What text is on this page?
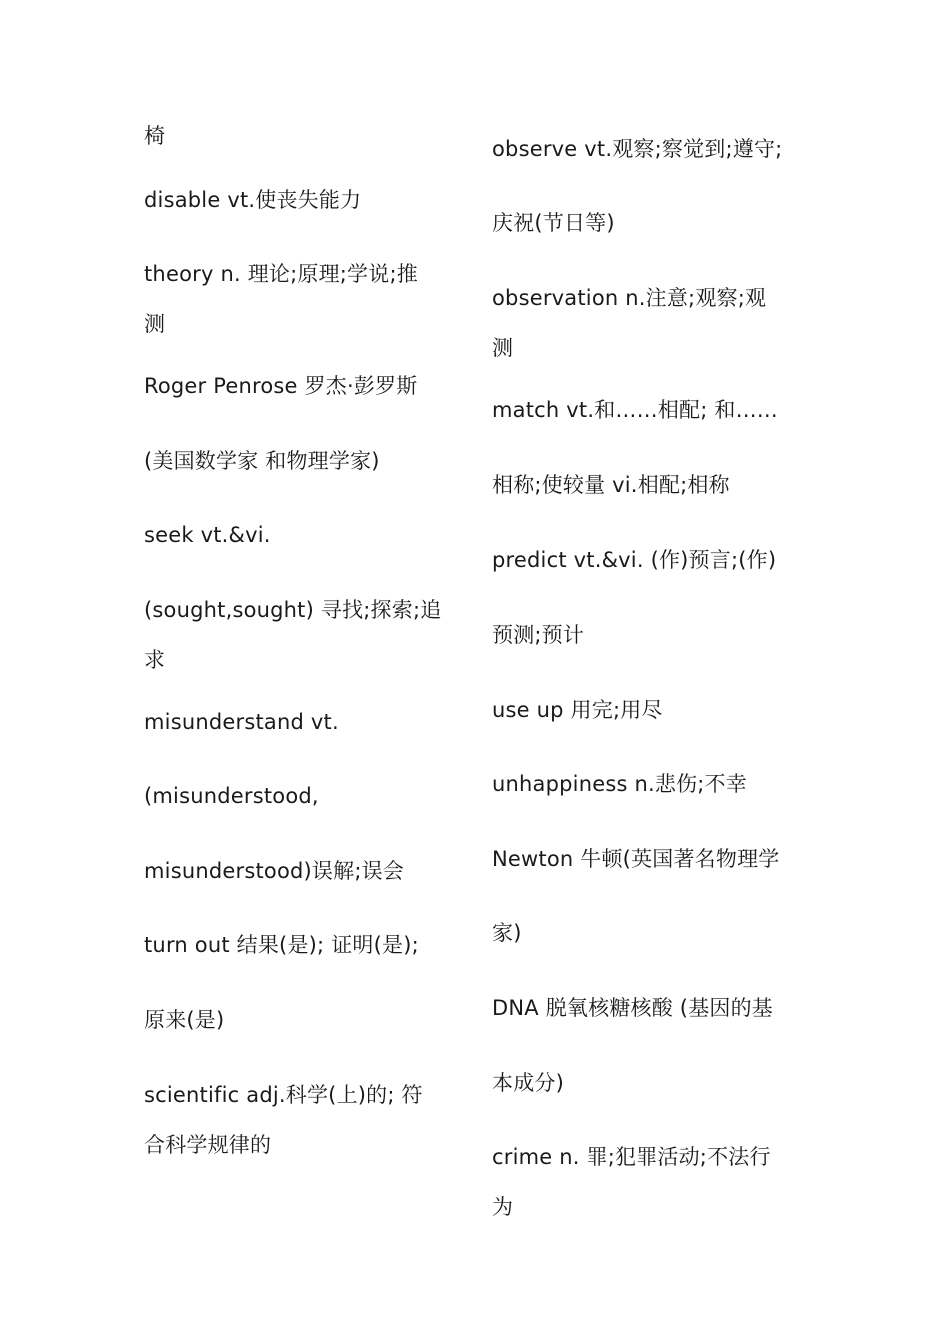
椅
disable vt.使丧失能力
theory n. 理论;原理;学说;推
测
Roger Penrose 罗杰·彭罗斯
(美国数学家 和物理学家)
seek vt.&vi.
(sought,sought) 寻找;探索;追
求
misunderstand vt.
(misunderstood,
misunderstood)误解;误会
turn out 结果(是); 证明(是);
原来(是)
scientific adj.科学(上)的; 符
合科学规律的
observe vt.观察;察觉到;遵守;
庆祝(节日等)
observation n.注意;观察;观
测
match vt.和……相配; 和……
相称;使较量 vi.相配;相称
predict vt.&vi. (作)预言;(作)
预测;预计
use up 用完;用尽
unhappiness n.悲伤;不幸
Newton 牛顿(英国著名物理学
家)
DNA 脱氧核糖核酸 (基因的基
本成分)
crime n. 罪;犯罪活动;不法行
为
